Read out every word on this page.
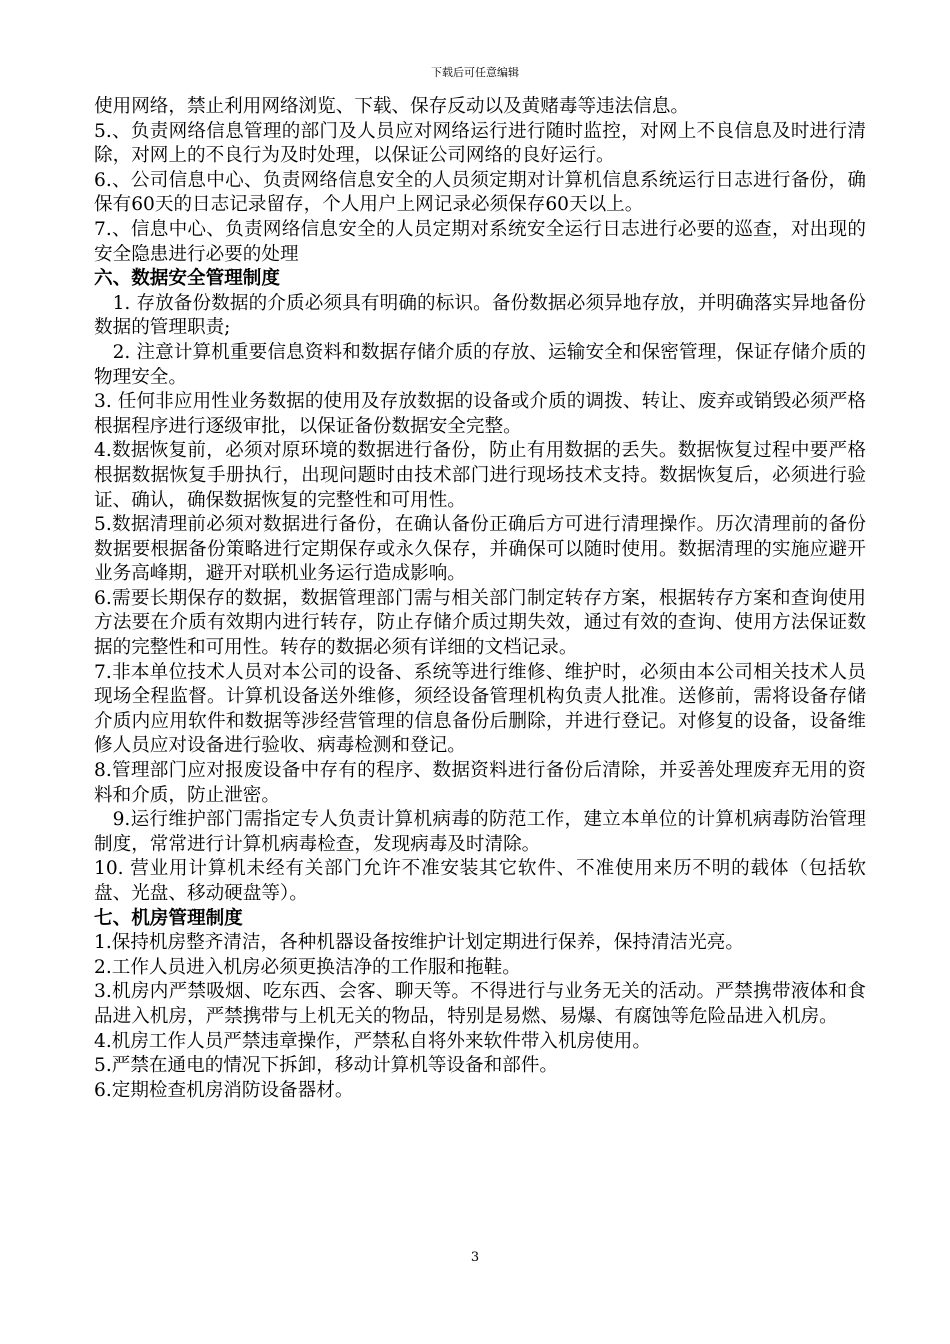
下载后可任意编辑

使用网络，禁止利用网络浏览、下载、保存反动以及黄赌毒等违法信息。

5.、负责网络信息管理的部门及人员应对网络运行进行随时监控，对网上不良信息及时进行清除，对网上的不良行为及时处理，以保证公司网络的良好运行。

6.、公司信息中心、负责网络信息安全的人员须定期对计算机信息系统运行日志进行备份，确保有60天的日志记录留存，个人用户上网记录必须保存60天以上。

7.、信息中心、负责网络信息安全的人员定期对系统安全运行日志进行必要的巡查，对出现的安全隐患进行必要的处理

六、数据安全管理制度

1. 存放备份数据的介质必须具有明确的标识。备份数据必须异地存放，并明确落实异地备份数据的管理职责;

2. 注意计算机重要信息资料和数据存储介质的存放、运输安全和保密管理，保证存储介质的物理安全。

3. 任何非应用性业务数据的使用及存放数据的设备或介质的调拨、转让、废弃或销毁必须严格根据程序进行逐级审批，以保证备份数据安全完整。

4.数据恢复前，必须对原环境的数据进行备份，防止有用数据的丢失。数据恢复过程中要严格根据数据恢复手册执行，出现问题时由技术部门进行现场技术支持。数据恢复后，必须进行验证、确认，确保数据恢复的完整性和可用性。

5.数据清理前必须对数据进行备份，在确认备份正确后方可进行清理操作。历次清理前的备份数据要根据备份策略进行定期保存或永久保存，并确保可以随时使用。数据清理的实施应避开业务高峰期，避开对联机业务运行造成影响。

6.需要长期保存的数据，数据管理部门需与相关部门制定转存方案，根据转存方案和查询使用方法要在介质有效期内进行转存，防止存储介质过期失效，通过有效的查询、使用方法保证数据的完整性和可用性。转存的数据必须有详细的文档记录。

7.非本单位技术人员对本公司的设备、系统等进行维修、维护时，必须由本公司相关技术人员现场全程监督。计算机设备送外维修，须经设备管理机构负责人批准。送修前，需将设备存储介质内应用软件和数据等涉经营管理的信息备份后删除，并进行登记。对修复的设备，设备维修人员应对设备进行验收、病毒检测和登记。

8.管理部门应对报废设备中存有的程序、数据资料进行备份后清除，并妥善处理废弃无用的资料和介质，防止泄密。

9.运行维护部门需指定专人负责计算机病毒的防范工作，建立本单位的计算机病毒防治管理制度，常常进行计算机病毒检查，发现病毒及时清除。

10. 营业用计算机未经有关部门允许不准安装其它软件、不准使用来历不明的载体（包括软盘、光盘、移动硬盘等）。

七、机房管理制度

1.保持机房整齐清洁，各种机器设备按维护计划定期进行保养，保持清洁光亮。

2.工作人员进入机房必须更换洁净的工作服和拖鞋。

3.机房内严禁吸烟、吃东西、会客、聊天等。不得进行与业务无关的活动。严禁携带液体和食品进入机房，严禁携带与上机无关的物品，特别是易燃、易爆、有腐蚀等危险品进入机房。

4.机房工作人员严禁违章操作，严禁私自将外来软件带入机房使用。

5.严禁在通电的情况下拆卸，移动计算机等设备和部件。

6.定期检查机房消防设备器材。

3
